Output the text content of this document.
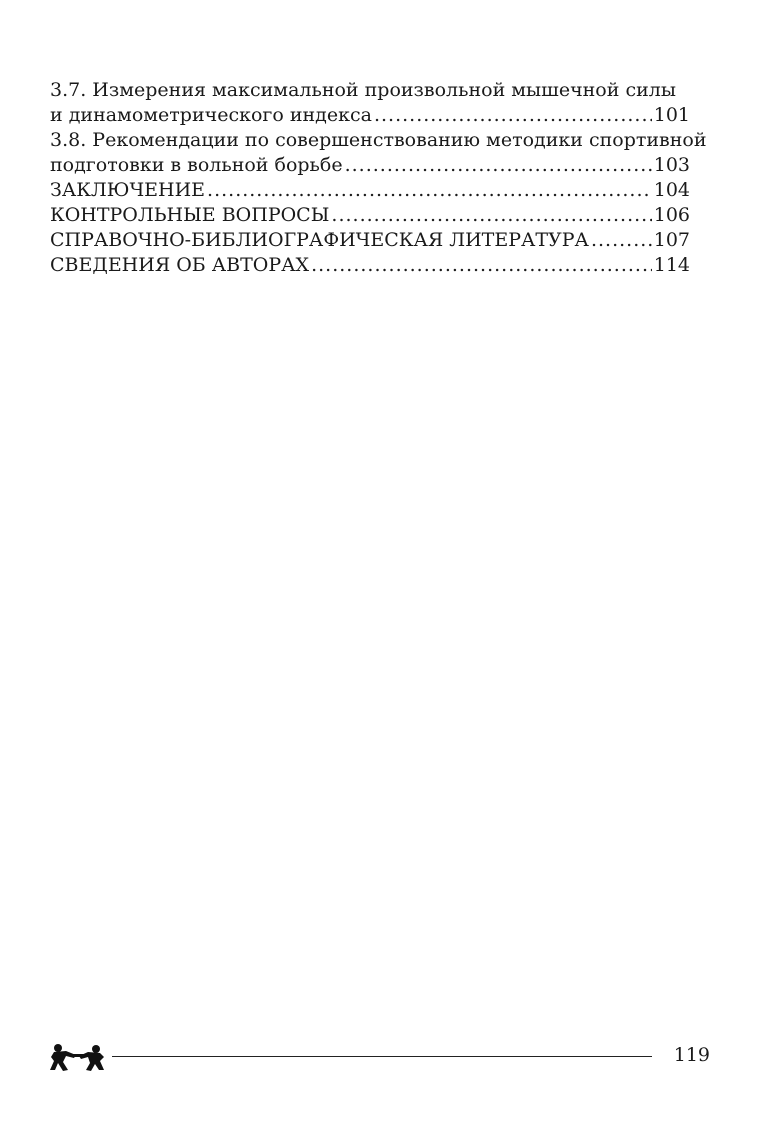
3.7. Измерения максимальной произвольной мышечной силы
и динамометрического индекса .....	101
3.8. Рекомендации по совершенствованию методики спортивной
подготовки в вольной борьбе .....	103
ЗАКЛЮЧЕНИЕ .....	104
КОНТРОЛЬНЫЕ ВОПРОСЫ .....	106
СПРАВОЧНО-БИБЛИОГРАФИЧЕСКАЯ ЛИТЕРАТУРА .....	107
СВЕДЕНИЯ ОБ АВТОРАХ .....	114
119
